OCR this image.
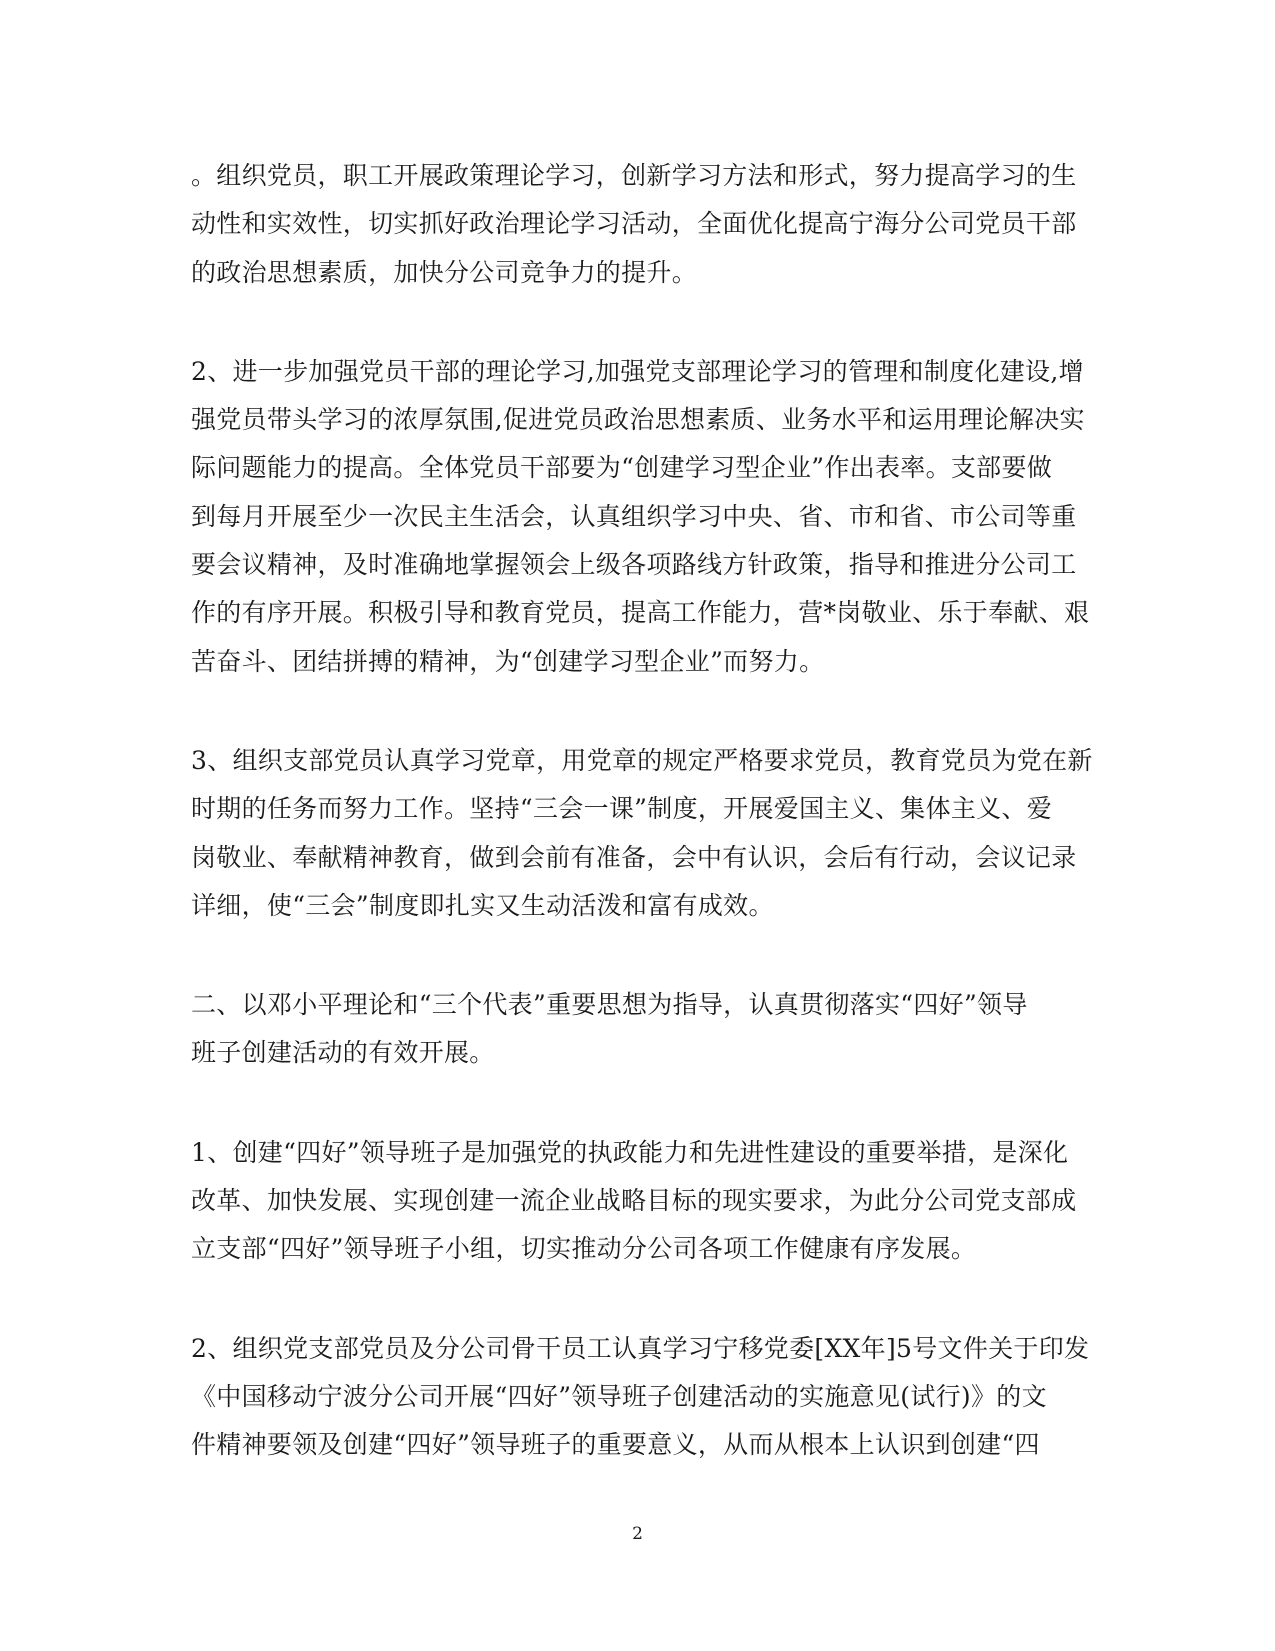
。组织党员，职工开展政策理论学习，创新学习方法和形式，努力提高学习的生
动性和实效性，切实抓好政治理论学习活动，全面优化提高宁海分公司党员干部
的政治思想素质，加快分公司竞争力的提升。

2、进一步加强党员干部的理论学习,加强党支部理论学习的管理和制度化建设,增
强党员带头学习的浓厚氛围,促进党员政治思想素质、业务水平和运用理论解决实
际问题能力的提高。全体党员干部要为“创建学习型企业”作出表率。支部要做
到每月开展至少一次民主生活会，认真组织学习中央、省、市和省、市公司等重
要会议精神，及时准确地掌握领会上级各项路线方针政策，指导和推进分公司工
作的有序开展。积极引导和教育党员，提高工作能力，营*岗敬业、乐于奉献、艰
苦奋斗、团结拼搏的精神，为“创建学习型企业”而努力。

3、组织支部党员认真学习党章，用党章的规定严格要求党员，教育党员为党在新
时期的任务而努力工作。坚持“三会一课”制度，开展爱国主义、集体主义、爱
岗敬业、奉献精神教育，做到会前有准备，会中有认识，会后有行动，会议记录
详细，使“三会”制度即扎实又生动活泼和富有成效。

二、以邓小平理论和“三个代表”重要思想为指导，认真贯彻落实“四好”领导
班子创建活动的有效开展。

1、创建“四好”领导班子是加强党的执政能力和先进性建设的重要举措，是深化
改革、加快发展、实现创建一流企业战略目标的现实要求，为此分公司党支部成
立支部“四好”领导班子小组，切实推动分公司各项工作健康有序发展。

2、组织党支部党员及分公司骨干员工认真学习宁移党委[XX年]5号文件关于印发
《中国移动宁波分公司开展“四好”领导班子创建活动的实施意见(试行)》的文
件精神要领及创建“四好”领导班子的重要意义，从而从根本上认识到创建“四

2
